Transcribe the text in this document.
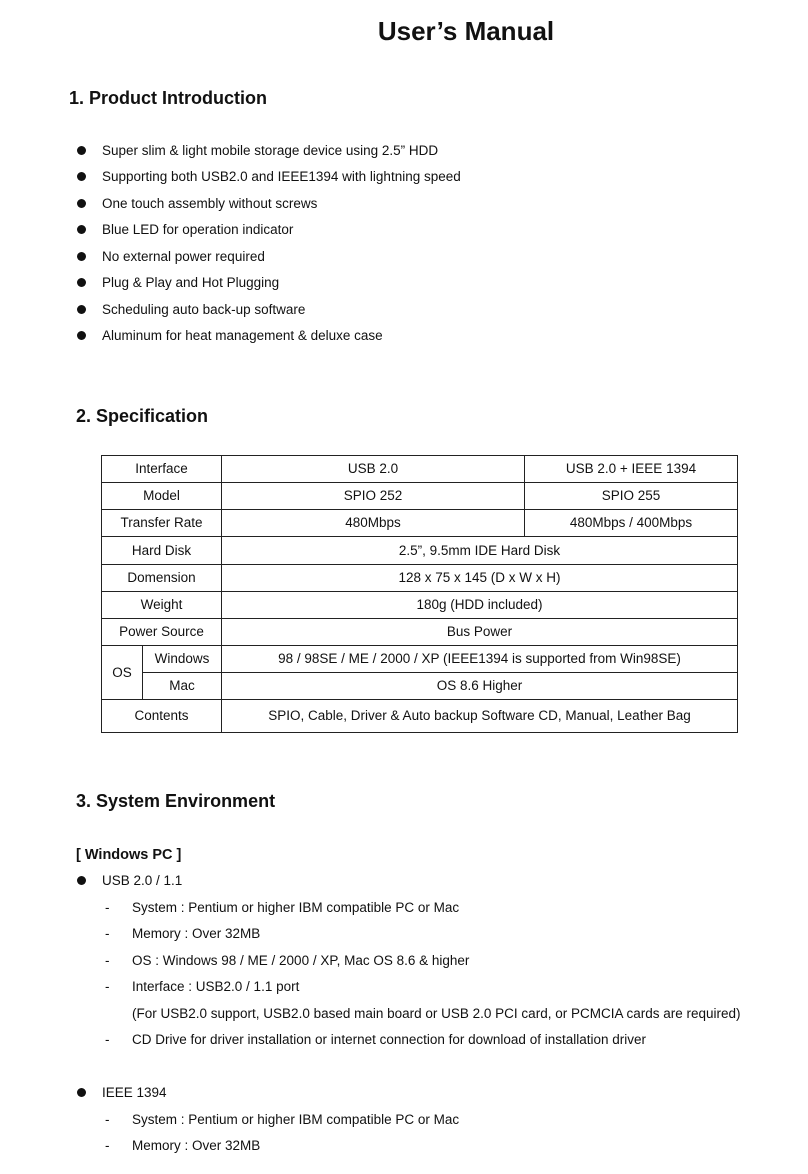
User’s Manual
1. Product Introduction
Super slim & light mobile storage device using 2.5” HDD
Supporting both USB2.0 and IEEE1394 with lightning speed
One touch assembly without screws
Blue LED for operation indicator
No external power required
Plug & Play and Hot Plugging
Scheduling auto back-up software
Aluminum for heat management & deluxe case
2. Specification
Interface		USB 2.0	USB 2.0 + IEEE 1394
Model		SPIO 252	SPIO 255
Transfer Rate		480Mbps	480Mbps / 400Mbps
Hard Disk		2.5”, 9.5mm IDE Hard Disk	
Domension		128 x 75 x 145 (D x W x H)	
Weight		180g (HDD included)	
Power Source		Bus Power	
OS	Windows	98 / 98SE / ME / 2000 / XP (IEEE1394 is supported from Win98SE)	
	Mac	OS 8.6 Higher	
Contents		SPIO, Cable, Driver & Auto backup Software CD, Manual, Leather Bag	
3. System Environment
[ Windows PC ]
USB 2.0 / 1.1
- System : Pentium or higher IBM compatible PC or Mac
- Memory : Over 32MB
- OS : Windows 98 / ME / 2000 / XP, Mac OS 8.6 & higher
- Interface : USB2.0 / 1.1 port
(For USB2.0 support, USB2.0 based main board or USB 2.0 PCI card, or PCMCIA cards are required)
- CD Drive for driver installation or internet connection for download of installation driver
IEEE 1394
- System : Pentium or higher IBM compatible PC or Mac
- Memory : Over 32MB
